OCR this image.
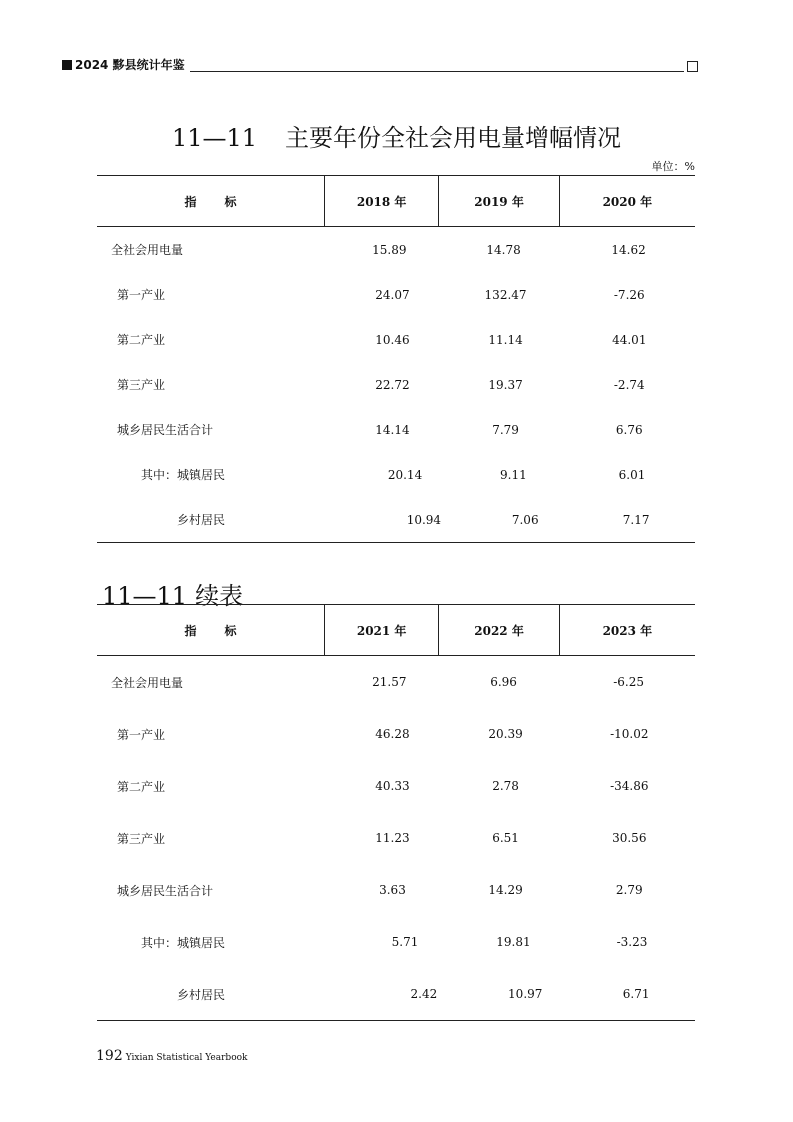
2024 黟县统计年鉴
11—11 主要年份全社会用电量增幅情况
单位：%
指标	2018 年	2019 年	2020 年
全社会用电量	15.89	14.78	14.62
第一产业	24.07	132.47	-7.26
第二产业	10.46	11.14	44.01
第三产业	22.72	19.37	-2.74
城乡居民生活合计	14.14	7.79	6.76
其中：城镇居民	20.14	9.11	6.01
乡村居民	10.94	7.06	7.17
11—11 续表
指标	2021 年	2022 年	2023 年
全社会用电量	21.57	6.96	-6.25
第一产业	46.28	20.39	-10.02
第二产业	40.33	2.78	-34.86
第三产业	11.23	6.51	30.56
城乡居民生活合计	3.63	14.29	2.79
其中：城镇居民	5.71	19.81	-3.23
乡村居民	2.42	10.97	6.71
192 Yixian Statistical Yearbook
